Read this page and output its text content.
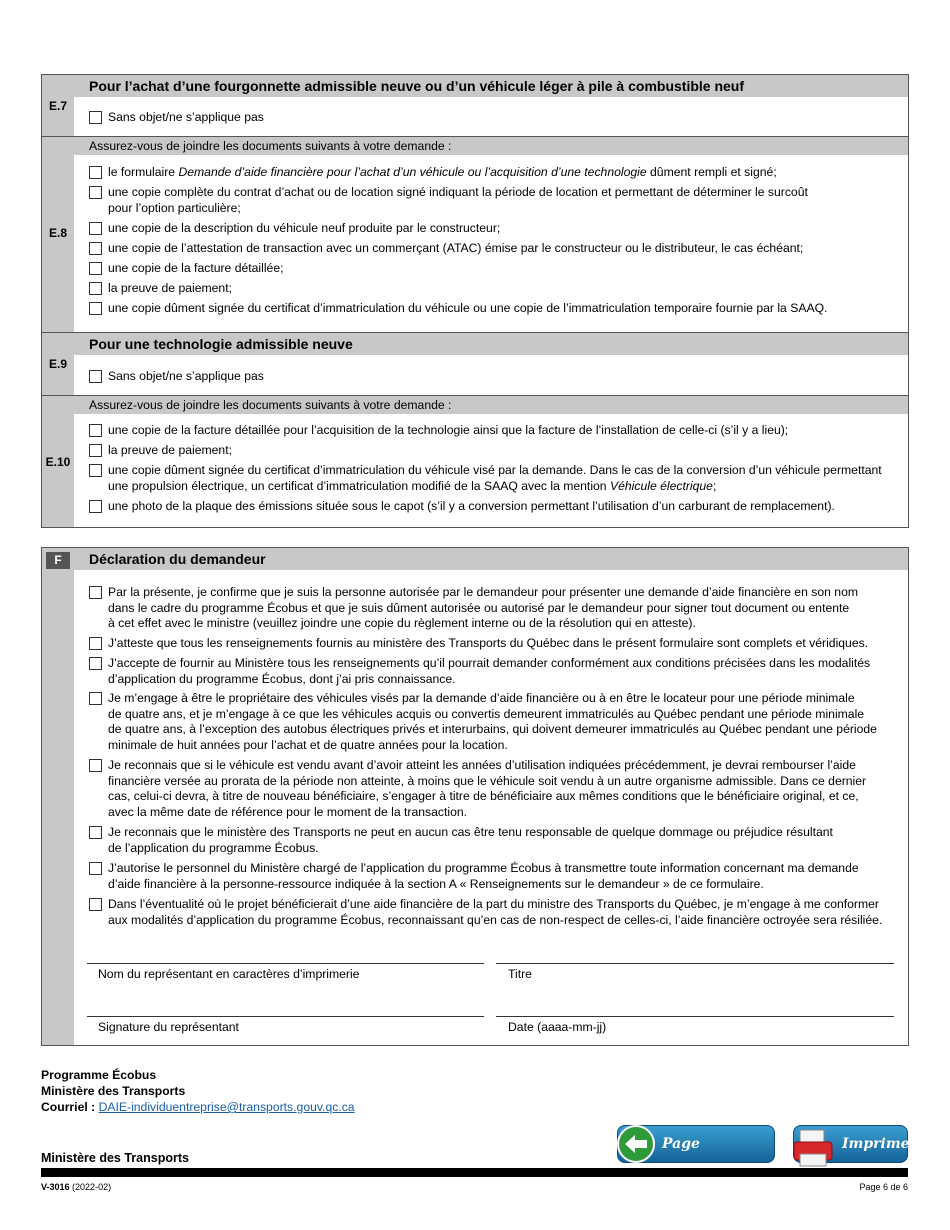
Pour l’achat d’une fourgonnette admissible neuve ou d’un véhicule léger à pile à combustible neuf
E.7
Sans objet/ne s’applique pas
Assurez-vous de joindre les documents suivants à votre demande :
E.8
le formulaire Demande d’aide financière pour l’achat d’un véhicule ou l’acquisition d’une technologie dûment rempli et signé;
une copie complète du contrat d’achat ou de location signé indiquant la période de location et permettant de déterminer le surcoût
pour l’option particulière;
une copie de la description du véhicule neuf produite par le constructeur;
une copie de l’attestation de transaction avec un commerçant (ATAC) émise par le constructeur ou le distributeur, le cas échéant;
une copie de la facture détaillée;
la preuve de paiement;
une copie dûment signée du certificat d’immatriculation du véhicule ou une copie de l’immatriculation temporaire fournie par la SAAQ.
Pour une technologie admissible neuve
E.9
Sans objet/ne s’applique pas
Assurez-vous de joindre les documents suivants à votre demande :
E.10
une copie de la facture détaillée pour l’acquisition de la technologie ainsi que la facture de l’installation de celle-ci (s’il y a lieu);
la preuve de paiement;
une copie dûment signée du certificat d’immatriculation du véhicule visé par la demande. Dans le cas de la conversion d’un véhicule permettant
une propulsion électrique, un certificat d’immatriculation modifié de la SAAQ avec la mention Véhicule électrique;
une photo de la plaque des émissions située sous le capot (s’il y a conversion permettant l’utilisation d’un carburant de remplacement).
F	Déclaration du demandeur
Par la présente, je confirme que je suis la personne autorisée par le demandeur pour présenter une demande d’aide financière en son nom
dans le cadre du programme Écobus et que je suis dûment autorisée ou autorisé par le demandeur pour signer tout document ou entente
à cet effet avec le ministre (veuillez joindre une copie du règlement interne ou de la résolution qui en atteste).
J’atteste que tous les renseignements fournis au ministère des Transports du Québec dans le présent formulaire sont complets et véridiques.
J’accepte de fournir au Ministère tous les renseignements qu’il pourrait demander conformément aux conditions précisées dans les modalités
d’application du programme Écobus, dont j’ai pris connaissance.
Je m’engage à être le propriétaire des véhicules visés par la demande d’aide financière ou à en être le locateur pour une période minimale
de quatre ans, et je m’engage à ce que les véhicules acquis ou convertis demeurent immatriculés au Québec pendant une période minimale
de quatre ans, à l’exception des autobus électriques privés et interurbains, qui doivent demeurer immatriculés au Québec pendant une période
minimale de huit années pour l’achat et de quatre années pour la location.
Je reconnais que si le véhicule est vendu avant d’avoir atteint les années d’utilisation indiquées précédemment, je devrai rembourser l’aide
financière versée au prorata de la période non atteinte, à moins que le véhicule soit vendu à un autre organisme admissible. Dans ce dernier
cas, celui-ci devra, à titre de nouveau bénéficiaire, s’engager à titre de bénéficiaire aux mêmes conditions que le bénéficiaire original, et ce,
avec la même date de référence pour le moment de la transaction.
Je reconnais que le ministère des Transports ne peut en aucun cas être tenu responsable de quelque dommage ou préjudice résultant
de l’application du programme Écobus.
J’autorise le personnel du Ministère chargé de l’application du programme Écobus à transmettre toute information concernant ma demande
d’aide financière à la personne-ressource indiquée à la section A « Renseignements sur le demandeur » de ce formulaire.
Dans l’éventualité où le projet bénéficierait d’une aide financière de la part du ministre des Transports du Québec, je m’engage à me conformer
aux modalités d’application du programme Écobus, reconnaissant qu’en cas de non-respect de celles-ci, l’aide financière octroyée sera résiliée.
Nom du représentant en caractères d’imprimerie	Titre
Signature du représentant	Date (aaaa-mm-jj)
Programme Écobus
Ministère des Transports
Courriel : DAIE-individuentreprise@transports.gouv.qc.ca
Page	Imprimer
Ministère des Transports
V-3016 (2022-02)	Page 6 de 6
